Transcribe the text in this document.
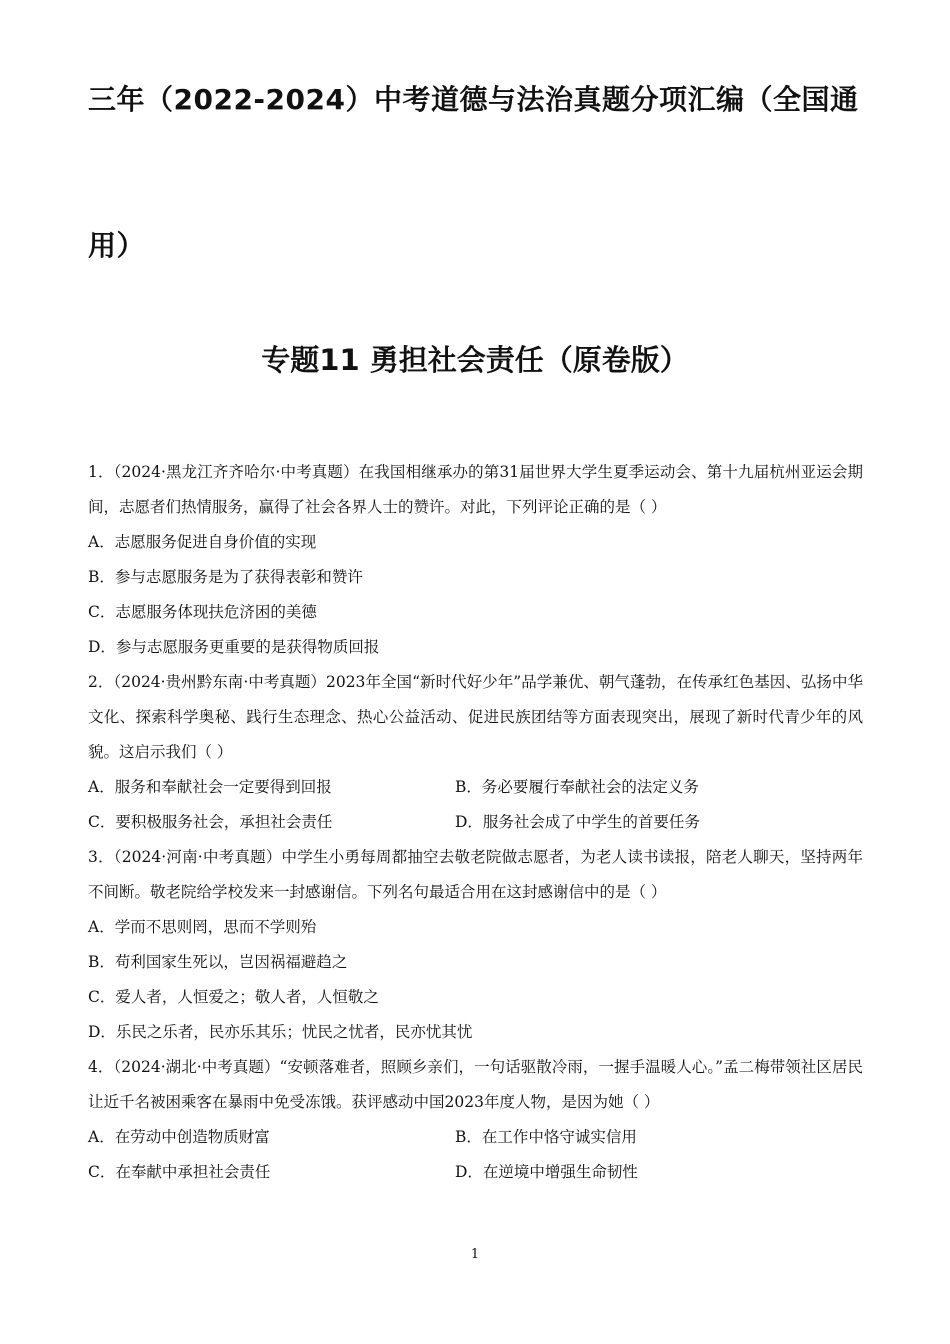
三年（2022-2024）中考道德与法治真题分项汇编（全国通
用）
专题11 勇担社会责任（原卷版）

1．（2024·黑龙江齐齐哈尔·中考真题）在我国相继承办的第31届世界大学生夏季运动会、第十九届杭州亚运会期间，志愿者们热情服务，赢得了社会各界人士的赞许。对此，下列评论正确的是（ ）

A．志愿服务促进自身价值的实现

B．参与志愿服务是为了获得表彰和赞许

C．志愿服务体现扶危济困的美德

D．参与志愿服务更重要的是获得物质回报

2．（2024·贵州黔东南·中考真题）2023年全国“新时代好少年”品学兼优、朝气蓬勃，在传承红色基因、弘扬中华文化、探索科学奥秘、践行生态理念、热心公益活动、促进民族团结等方面表现突出，展现了新时代青少年的风貌。这启示我们（ ）

A．服务和奉献社会一定要得到回报	B．务必要履行奉献社会的法定义务

C．要积极服务社会，承担社会责任	D．服务社会成了中学生的首要任务

3．（2024·河南·中考真题）中学生小勇每周都抽空去敬老院做志愿者，为老人读书读报，陪老人聊天，坚持两年不间断。敬老院给学校发来一封感谢信。下列名句最适合用在这封感谢信中的是（ ）

A．学而不思则罔，思而不学则殆

B．苟利国家生死以，岂因祸福避趋之

C．爱人者，人恒爱之；敬人者，人恒敬之

D．乐民之乐者，民亦乐其乐；忧民之忧者，民亦忧其忧

4．（2024·湖北·中考真题）“安顿落难者，照顾乡亲们，一句话驱散冷雨，一握手温暖人心。”孟二梅带领社区居民让近千名被困乘客在暴雨中免受冻饿。获评感动中国2023年度人物，是因为她（ ）

A．在劳动中创造物质财富	B．在工作中恪守诚实信用

C．在奉献中承担社会责任	D．在逆境中增强生命韧性

1
